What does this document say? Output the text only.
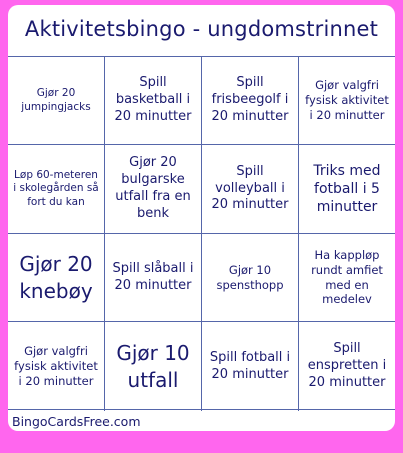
Aktivitetsbingo - ungdomstrinnet
Gjør 20 jumpingjacks
Spill basketball i 20 minutter
Spill frisbeegolf i 20 minutter
Gjør valgfri fysisk aktivitet i 20 minutter
Løp 60-meteren i skolegården så fort du kan
Gjør 20 bulgarske utfall fra en benk
Spill volleyball i 20 minutter
Triks med fotball i 5 minutter
Gjør 20 knebøy
Spill slåball i 20 minutter
Gjør 10 spensthopp
Ha kappløp rundt amfiet med en medelev
Gjør valgfri fysisk aktivitet i 20 minutter
Gjør 10 utfall
Spill fotball i 20 minutter
Spill enspretten i 20 minutter
BingoCardsFree.com
